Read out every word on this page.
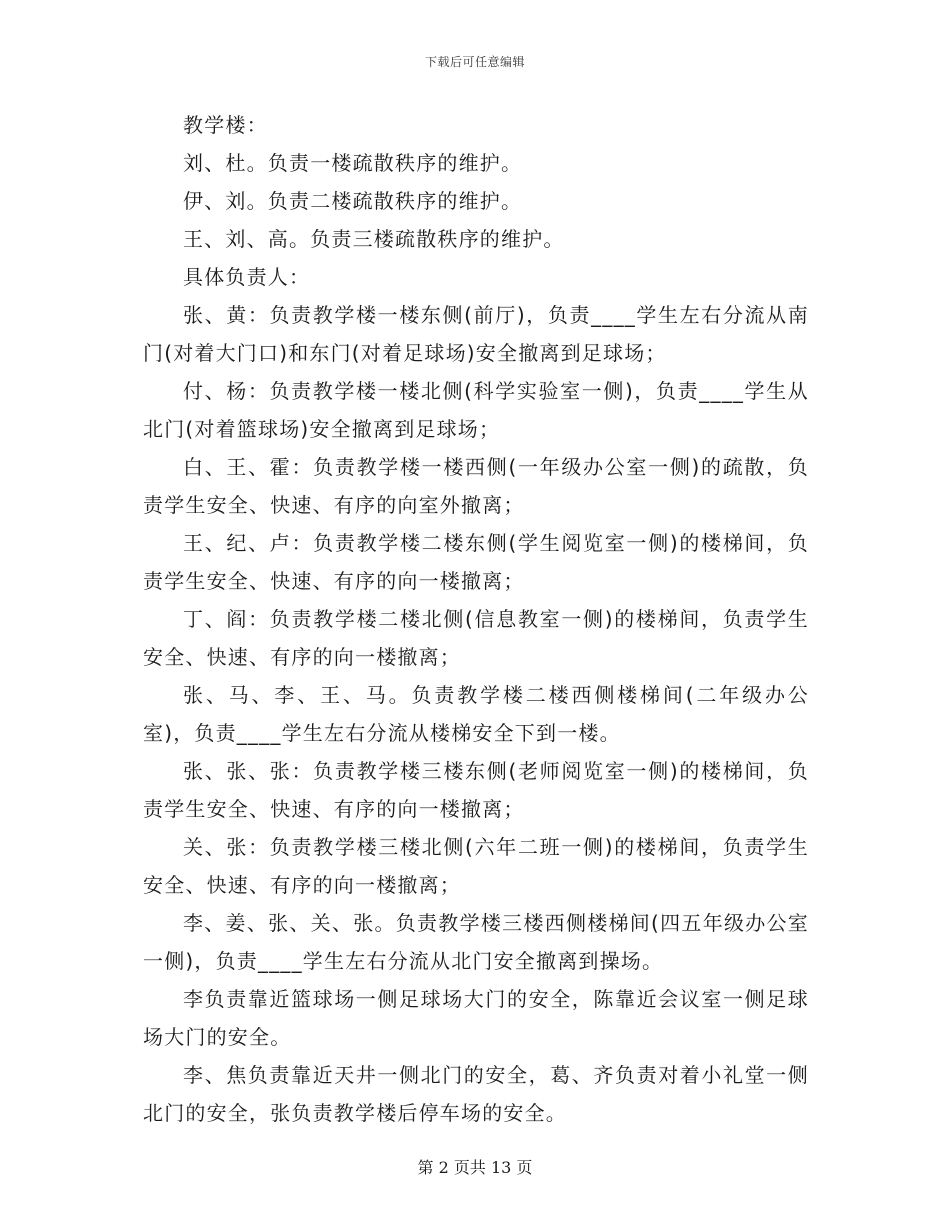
下载后可任意编辑

教学楼：

刘、杜。负责一楼疏散秩序的维护。

伊、刘。负责二楼疏散秩序的维护。

王、刘、高。负责三楼疏散秩序的维护。

具体负责人：

张、黄：负责教学楼一楼东侧(前厅)，负责____学生左右分流从南门(对着大门口)和东门(对着足球场)安全撤离到足球场；

付、杨：负责教学楼一楼北侧(科学实验室一侧)，负责____学生从北门(对着篮球场)安全撤离到足球场；

白、王、霍：负责教学楼一楼西侧(一年级办公室一侧)的疏散，负责学生安全、快速、有序的向室外撤离；

王、纪、卢：负责教学楼二楼东侧(学生阅览室一侧)的楼梯间，负责学生安全、快速、有序的向一楼撤离；

丁、阎：负责教学楼二楼北侧(信息教室一侧)的楼梯间，负责学生安全、快速、有序的向一楼撤离；

张、马、李、王、马。负责教学楼二楼西侧楼梯间(二年级办公室)，负责____学生左右分流从楼梯安全下到一楼。

张、张、张：负责教学楼三楼东侧(老师阅览室一侧)的楼梯间，负责学生安全、快速、有序的向一楼撤离；

关、张：负责教学楼三楼北侧(六年二班一侧)的楼梯间，负责学生安全、快速、有序的向一楼撤离；

李、姜、张、关、张。负责教学楼三楼西侧楼梯间(四五年级办公室一侧)，负责____学生左右分流从北门安全撤离到操场。

李负责靠近篮球场一侧足球场大门的安全，陈靠近会议室一侧足球场大门的安全。

李、焦负责靠近天井一侧北门的安全，葛、齐负责对着小礼堂一侧北门的安全，张负责教学楼后停车场的安全。

第 2 页共 13 页
